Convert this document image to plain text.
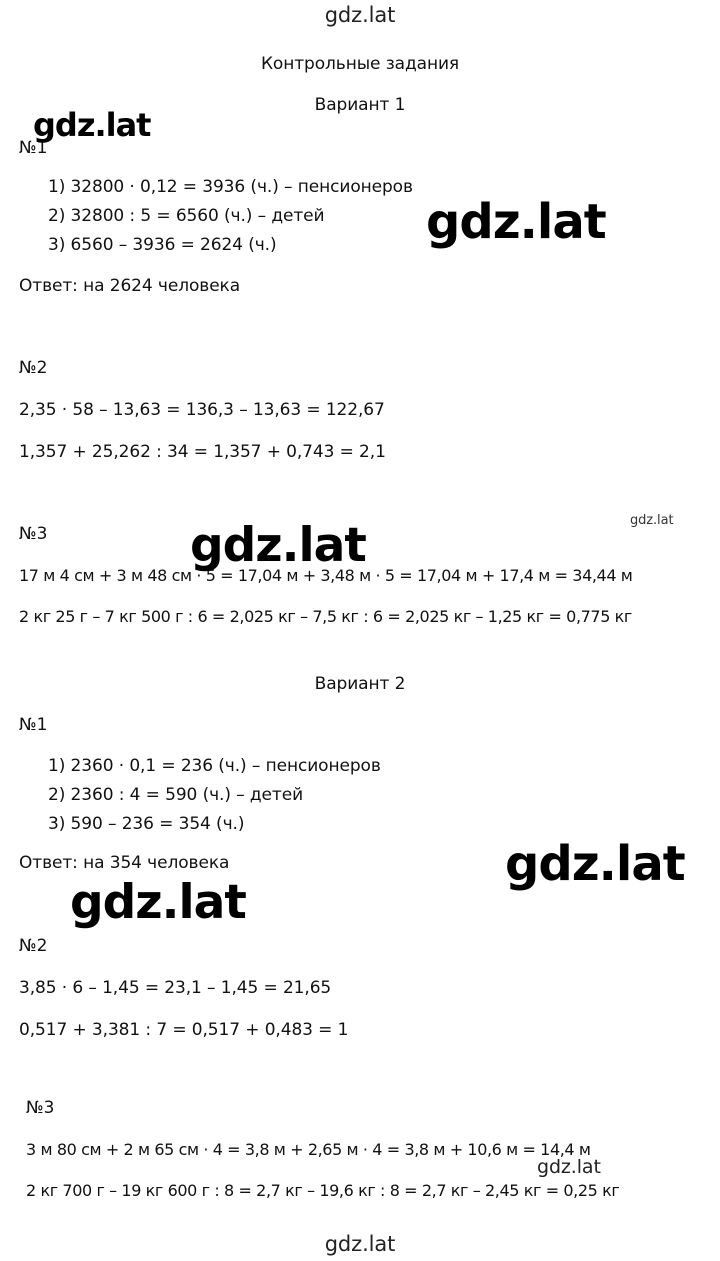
gdz.lat
Контрольные задания
Вариант 1
№1
1) 32800 · 0,12 = 3936 (ч.) – пенсионеров
2) 32800 : 5 = 6560 (ч.) – детей
3) 6560 – 3936 = 2624 (ч.)
Ответ: на 2624 человека
№2
2,35 · 58 – 13,63 = 136,3 – 13,63 = 122,67
1,357 + 25,262 : 34 = 1,357 + 0,743 = 2,1
№3
17 м 4 см + 3 м 48 см · 5 = 17,04 м + 3,48 м · 5 = 17,04 м + 17,4 м = 34,44 м
2 кг 25 г – 7 кг 500 г : 6 = 2,025 кг – 7,5 кг : 6 = 2,025 кг – 1,25 кг = 0,775 кг
Вариант 2
№1
1) 2360 · 0,1 = 236 (ч.) – пенсионеров
2) 2360 : 4 = 590 (ч.) – детей
3) 590 – 236 = 354 (ч.)
Ответ: на 354 человека
№2
3,85 · 6 – 1,45 = 23,1 – 1,45 = 21,65
0,517 + 3,381 : 7 = 0,517 + 0,483 = 1
№3
3 м 80 см + 2 м 65 см · 4 = 3,8 м + 2,65 м · 4 = 3,8 м + 10,6 м = 14,4 м
2 кг 700 г – 19 кг 600 г : 8 = 2,7 кг – 19,6 кг : 8 = 2,7 кг – 2,45 кг = 0,25 кг
gdz.lat
gdz.lat
gdz.lat
gdz.lat
gdz.lat
gdz.lat
gdz.lat
gdz.lat
